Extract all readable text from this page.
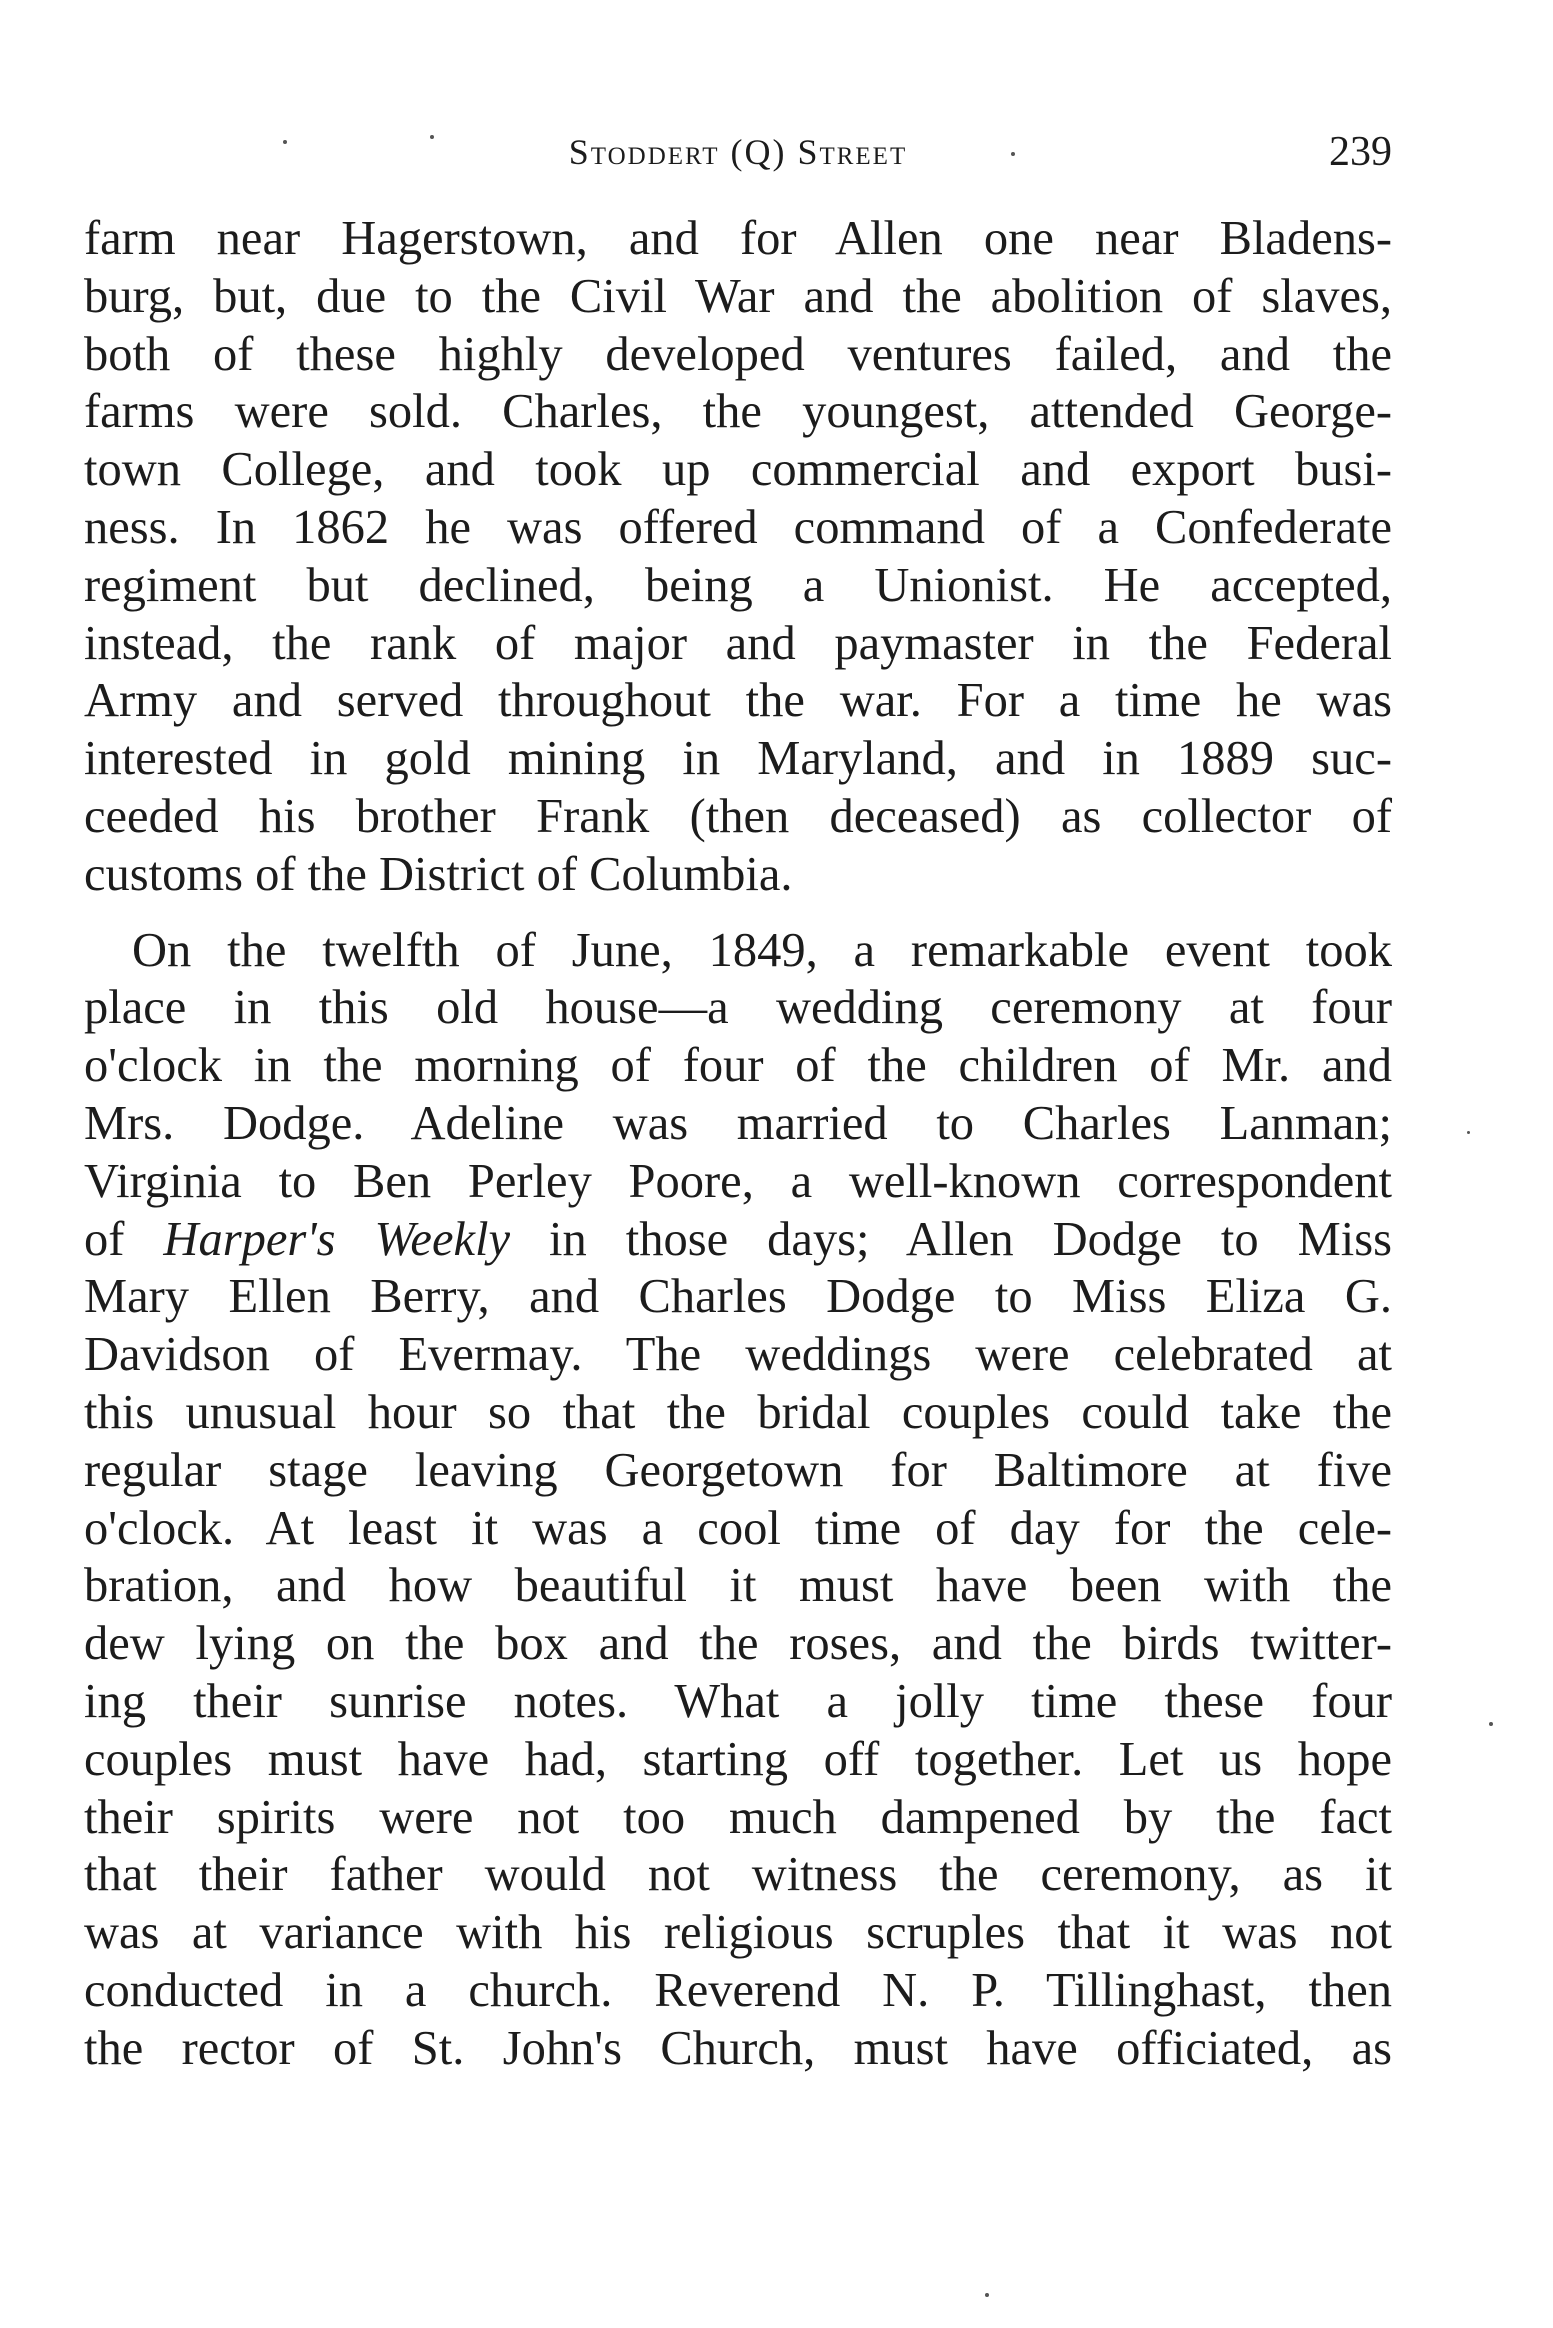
Stoddert (Q) Street	239
farm near Hagerstown, and for Allen one near Bladens-
burg, but, due to the Civil War and the abolition of slaves,
both of these highly developed ventures failed, and the
farms were sold. Charles, the youngest, attended George-
town College, and took up commercial and export busi-
ness. In 1862 he was offered command of a Confederate
regiment but declined, being a Unionist. He accepted,
instead, the rank of major and paymaster in the Federal
Army and served throughout the war. For a time he was
interested in gold mining in Maryland, and in 1889 suc-
ceeded his brother Frank (then deceased) as collector of
customs of the District of Columbia.
On the twelfth of June, 1849, a remarkable event took
place in this old house—a wedding ceremony at four
o'clock in the morning of four of the children of Mr. and
Mrs. Dodge. Adeline was married to Charles Lanman;
Virginia to Ben Perley Poore, a well-known correspondent
of Harper's Weekly in those days; Allen Dodge to Miss
Mary Ellen Berry, and Charles Dodge to Miss Eliza G.
Davidson of Evermay. The weddings were celebrated at
this unusual hour so that the bridal couples could take the
regular stage leaving Georgetown for Baltimore at five
o'clock. At least it was a cool time of day for the cele-
bration, and how beautiful it must have been with the
dew lying on the box and the roses, and the birds twitter-
ing their sunrise notes. What a jolly time these four
couples must have had, starting off together. Let us hope
their spirits were not too much dampened by the fact
that their father would not witness the ceremony, as it
was at variance with his religious scruples that it was not
conducted in a church. Reverend N. P. Tillinghast, then
the rector of St. John's Church, must have officiated, as
